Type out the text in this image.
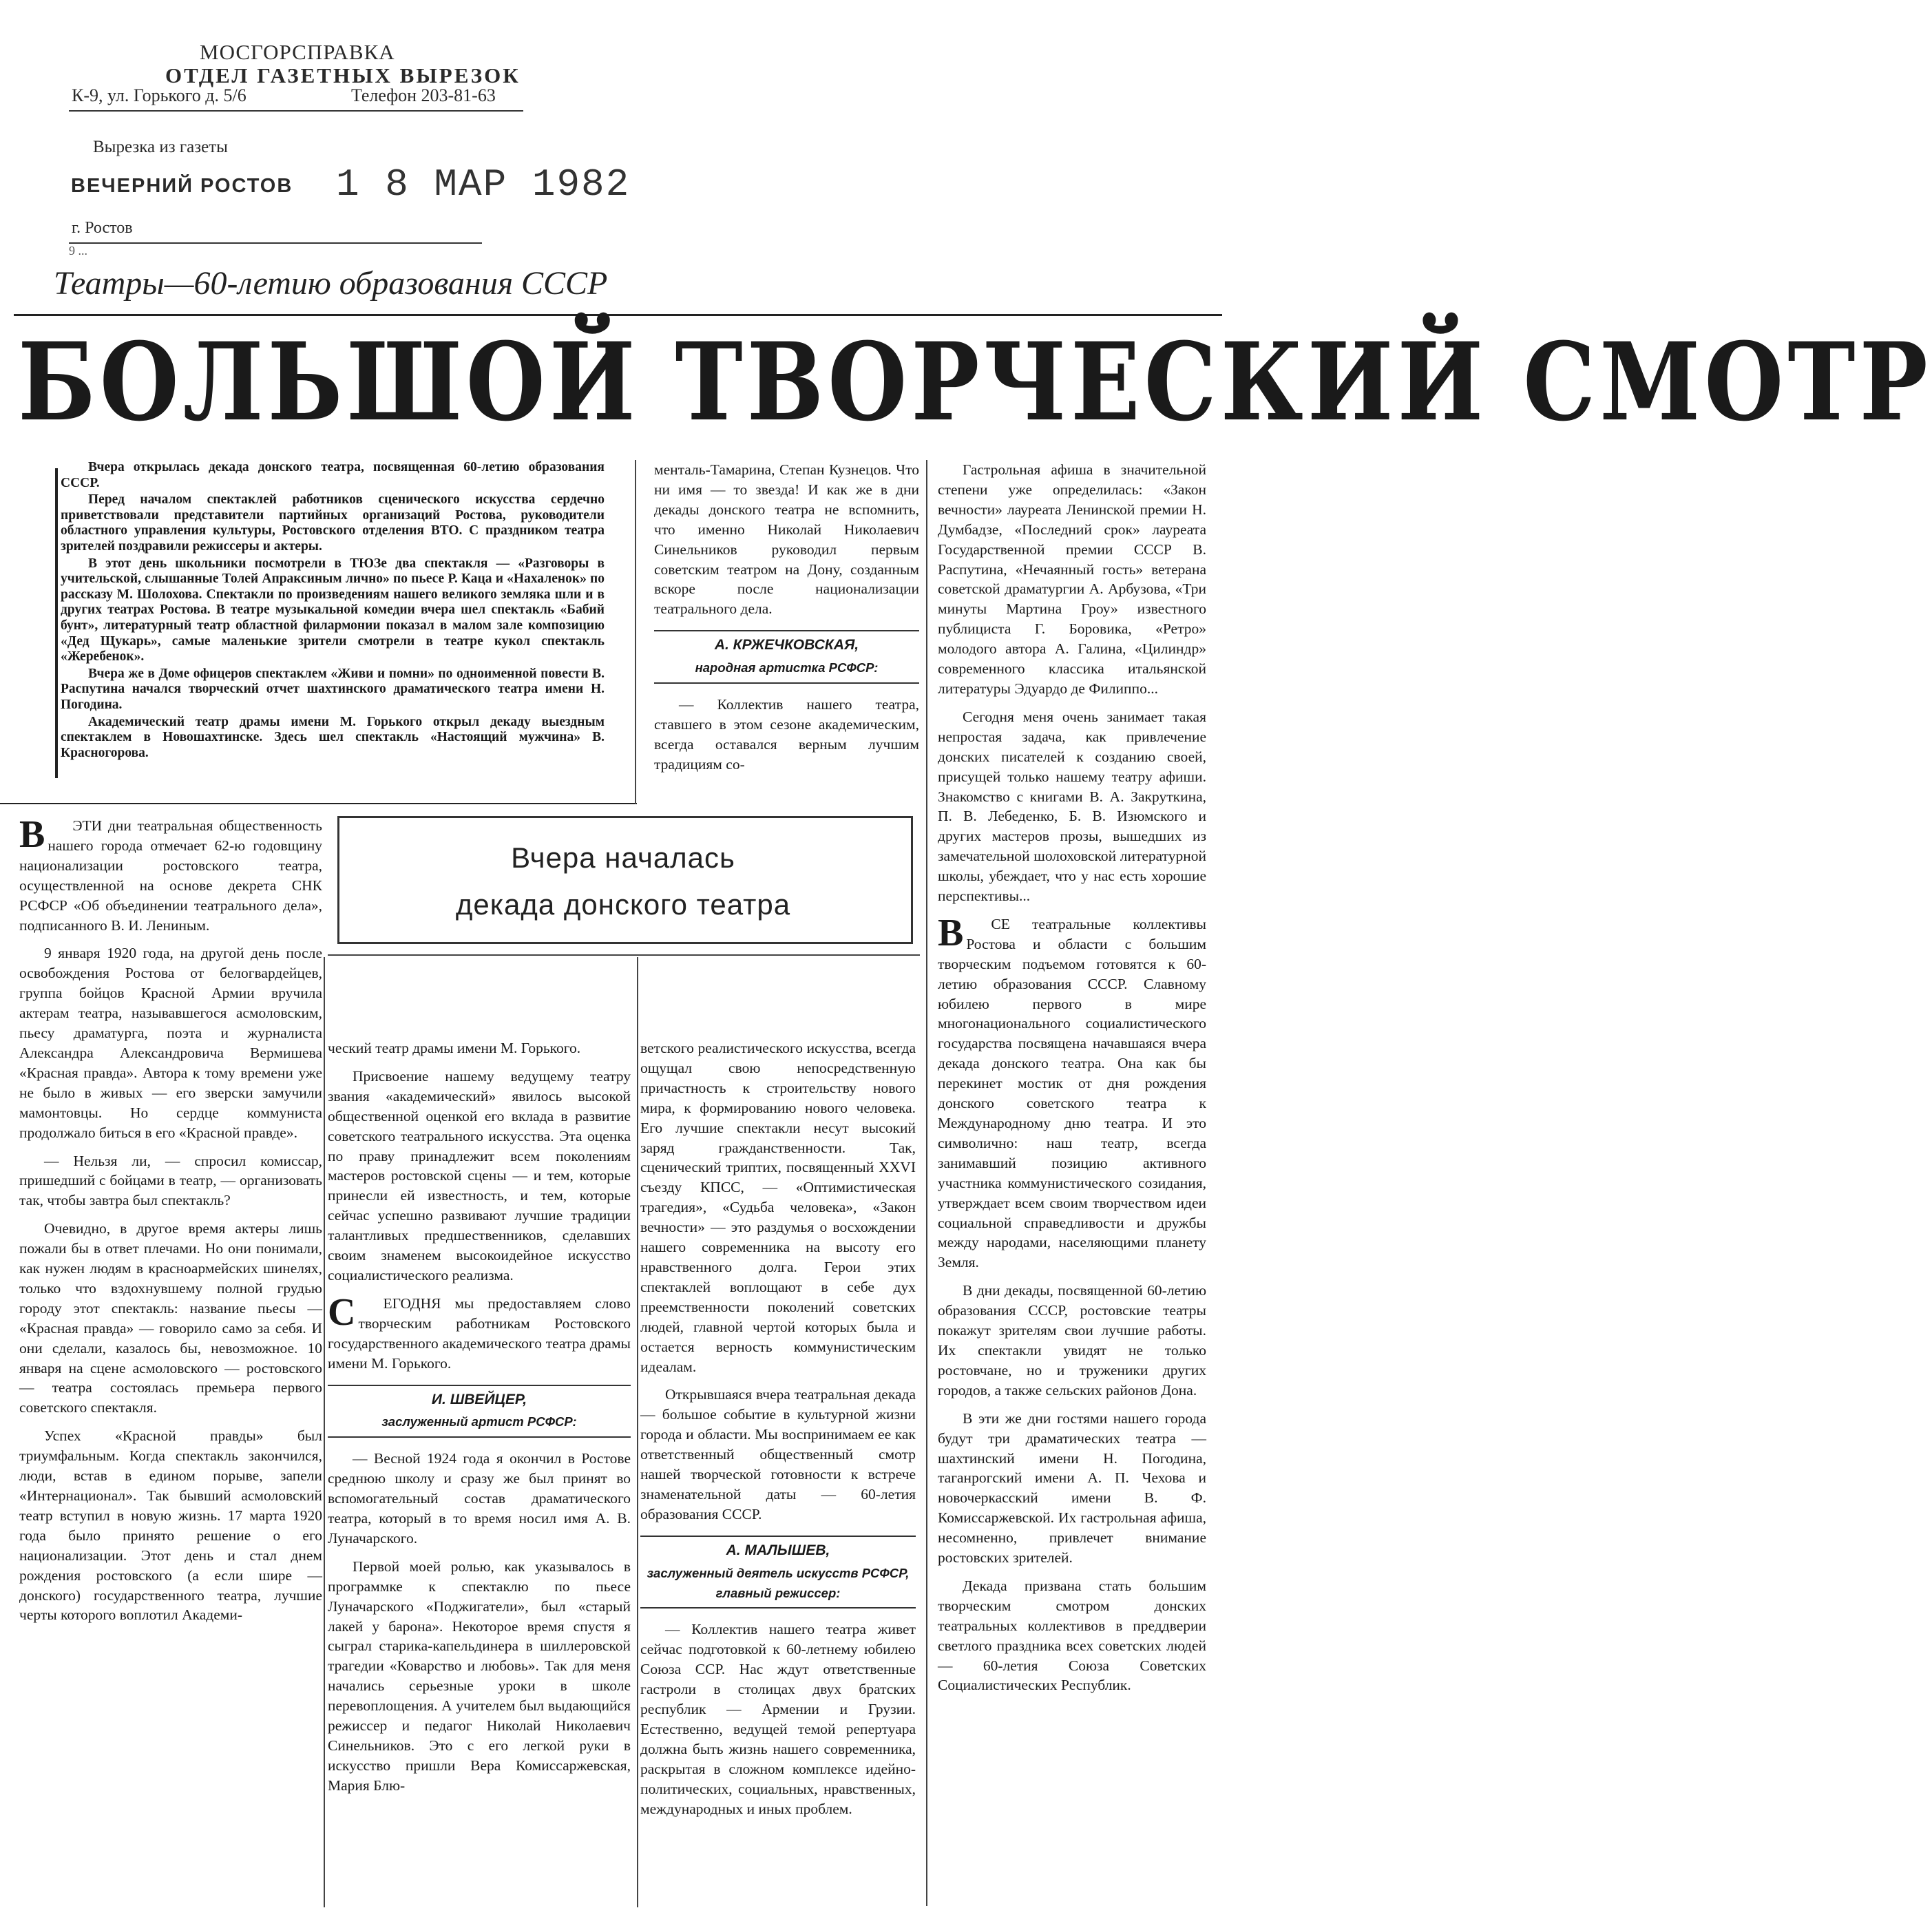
МОСГОРСПРАВКА
ОТДЕЛ ГАЗЕТНЫХ ВЫРЕЗОК
К-9, ул. Горького д. 5/6	Телефон 203-81-63
Вырезка из газеты
ВЕЧЕРНИЙ РОСТОВ 1 8 МАР 1982
г. Ростов
9 ...
Театры—60-летию образования СССР
БОЛЬШОЙ ТВОРЧЕСКИЙ СМОТР

Вчера открылась декада донского театра, посвященная 60-летию образования СССР.

Перед началом спектаклей работников сценического искусства сердечно приветствовали представители партийных организаций Ростова, руководители областного управления культуры, Ростовского отделения ВТО. С праздником театра зрителей поздравили режиссеры и актеры.

В этот день школьники посмотрели в ТЮЗе два спектакля — «Разговоры в учительской, слышанные Толей Апраксиным лично» по пьесе Р. Каца и «Нахаленок» по рассказу М. Шолохова. Спектакли по произведениям нашего великого земляка шли и в других театрах Ростова. В театре музыкальной комедии вчера шел спектакль «Бабий бунт», литературный театр областной филармонии показал в малом зале композицию «Дед Щукарь», самые маленькие зрители смотрели в театре кукол спектакль «Жеребенок».

Вчера же в Доме офицеров спектаклем «Живи и помни» по одноименной повести В. Распутина начался творческий отчет шахтинского драматического театра имени Н. Погодина.

Академический театр драмы имени М. Горького открыл декаду выездным спектаклем в Новошахтинске. Здесь шел спектакль «Настоящий мужчина» В. Красногорова.

Вчера началась
декада донского театра

В ЭТИ дни театральная общественность нашего города отмечает 62-ю годовщину национализации ростовского театра, осуществленной на основе декрета СНК РСФСР «Об объединении театрального дела», подписанного В. И. Лениным.

9 января 1920 года, на другой день после освобождения Ростова от белогвардейцев, группа бойцов Красной Армии вручила актерам театра, называвшегося асмоловским, пьесу драматурга, поэта и журналиста Александра Александровича Вермишева «Красная правда». Автора к тому времени уже не было в живых — его зверски замучили мамонтовцы. Но сердце коммуниста продолжало биться в его «Красной правде».

— Нельзя ли, — спросил комиссар, пришедший с бойцами в театр, — организовать так, чтобы завтра был спектакль?

Очевидно, в другое время актеры лишь пожали бы в ответ плечами. Но они понимали, как нужен людям в красноармейских шинелях, только что вздохнувшему полной грудью городу этот спектакль: название пьесы — «Красная правда» — говорило само за себя. И они сделали, казалось бы, невозможное. 10 января на сцене асмоловского — ростовского — театра состоялась премьера первого советского спектакля.

Успех «Красной правды» был триумфальным. Когда спектакль закончился, люди, встав в едином порыве, запели «Интернационал». Так бывший асмоловский театр вступил в новую жизнь. 17 марта 1920 года было принято решение о его национализации. Этот день и стал днем рождения ростовского (а если шире — донского) государственного театра, лучшие черты которого воплотил Академи-

ческий театр драмы имени М. Горького.

Присвоение нашему ведущему театру звания «академический» явилось высокой общественной оценкой его вклада в развитие советского театрального искусства. Эта оценка по праву принадлежит всем поколениям мастеров ростовской сцены — и тем, которые принесли ей известность, и тем, которые сейчас успешно развивают лучшие традиции талантливых предшественников, сделавших своим знаменем высокоидейное искусство социалистического реализма.

С ЕГОДНЯ мы предоставляем слово творческим работникам Ростовского государственного академического театра драмы имени М. Горького.

И. ШВЕЙЦЕР,

заслуженный артист РСФСР:

— Весной 1924 года я окончил в Ростове среднюю школу и сразу же был принят во вспомогательный состав драматического театра, который в то время носил имя А. В. Луначарского.

Первой моей ролью, как указывалось в программке к спектаклю по пьесе Луначарского «Поджигатели», был «старый лакей у барона». Некоторое время спустя я сыграл старика-капельдинера в шиллеровской трагедии «Коварство и любовь». Так для меня начались серьезные уроки в школе перевоплощения. А учителем был выдающийся режиссер и педагог Николай Николаевич Синельников. Это с его легкой руки в искусство пришли Вера Комиссаржевская, Мария Блю-

менталь-Тамарина, Степан Кузнецов. Что ни имя — то звезда! И как же в дни декады донского театра не вспомнить, что именно Николай Николаевич Синельников руководил первым советским театром на Дону, созданным вскоре после национализации театрального дела.

А. КРЖЕЧКОВСКАЯ,

народная артистка РСФСР:

— Коллектив нашего театра, ставшего в этом сезоне академическим, всегда оставался верным лучшим традициям со-

ветского реалистического искусства, всегда ощущал свою непосредственную причастность к строительству нового мира, к формированию нового человека. Его лучшие спектакли несут высокий заряд гражданственности. Так, сценический триптих, посвященный XXVI съезду КПСС, — «Оптимистическая трагедия», «Судьба человека», «Закон вечности» — это раздумья о восхождении нашего современника на высоту его нравственного долга. Герои этих спектаклей воплощают в себе дух преемственности поколений советских людей, главной чертой которых была и остается верность коммунистическим идеалам.

Открывшаяся вчера театральная декада — большое событие в культурной жизни города и области. Мы воспринимаем ее как ответственный общественный смотр нашей творческой готовности к встрече знаменательной даты — 60-летия образования СССР.

А. МАЛЫШЕВ,

заслуженный деятель искусств РСФСР, главный режиссер:

— Коллектив нашего театра живет сейчас подготовкой к 60-летнему юбилею Союза ССР. Нас ждут ответственные гастроли в столицах двух братских республик — Армении и Грузии. Естественно, ведущей темой репертуара должна быть жизнь нашего современника, раскрытая в сложном комплексе идейно-политических, социальных, нравственных, международных и иных проблем.

Гастрольная афиша в значительной степени уже определилась: «Закон вечности» лауреата Ленинской премии Н. Думбадзе, «Последний срок» лауреата Государственной премии СССР В. Распутина, «Нечаянный гость» ветерана советской драматургии А. Арбузова, «Три минуты Мартина Гроу» известного публициста Г. Боровика, «Ретро» молодого автора А. Галина, «Цилиндр» современного классика итальянской литературы Эдуардо де Филиппо...

Сегодня меня очень занимает такая непростая задача, как привлечение донских писателей к созданию своей, присущей только нашему театру афиши. Знакомство с книгами В. А. Закруткина, П. В. Лебеденко, Б. В. Изюмского и других мастеров прозы, вышедших из замечательной шолоховской литературной школы, убеждает, что у нас есть хорошие перспективы...

В СЕ театральные коллективы Ростова и области с большим творческим подъемом готовятся к 60-летию образования СССР. Славному юбилею первого в мире многонационального социалистического государства посвящена начавшаяся вчера декада донского театра. Она как бы перекинет мостик от дня рождения донского советского театра к Международному дню театра. И это символично: наш театр, всегда занимавший позицию активного участника коммунистического созидания, утверждает всем своим творчеством идеи социальной справедливости и дружбы между народами, населяющими планету Земля.

В дни декады, посвященной 60-летию образования СССР, ростовские театры покажут зрителям свои лучшие работы. Их спектакли увидят не только ростовчане, но и труженики других городов, а также сельских районов Дона.

В эти же дни гостями нашего города будут три драматических театра — шахтинский имени Н. Погодина, таганрогский имени А. П. Чехова и новочеркасский имени В. Ф. Комиссаржевской. Их гастрольная афиша, несомненно, привлечет внимание ростовских зрителей.

Декада призвана стать большим творческим смотром донских театральных коллективов в преддверии светлого праздника всех советских людей — 60-летия Союза Советских Социалистических Республик.
